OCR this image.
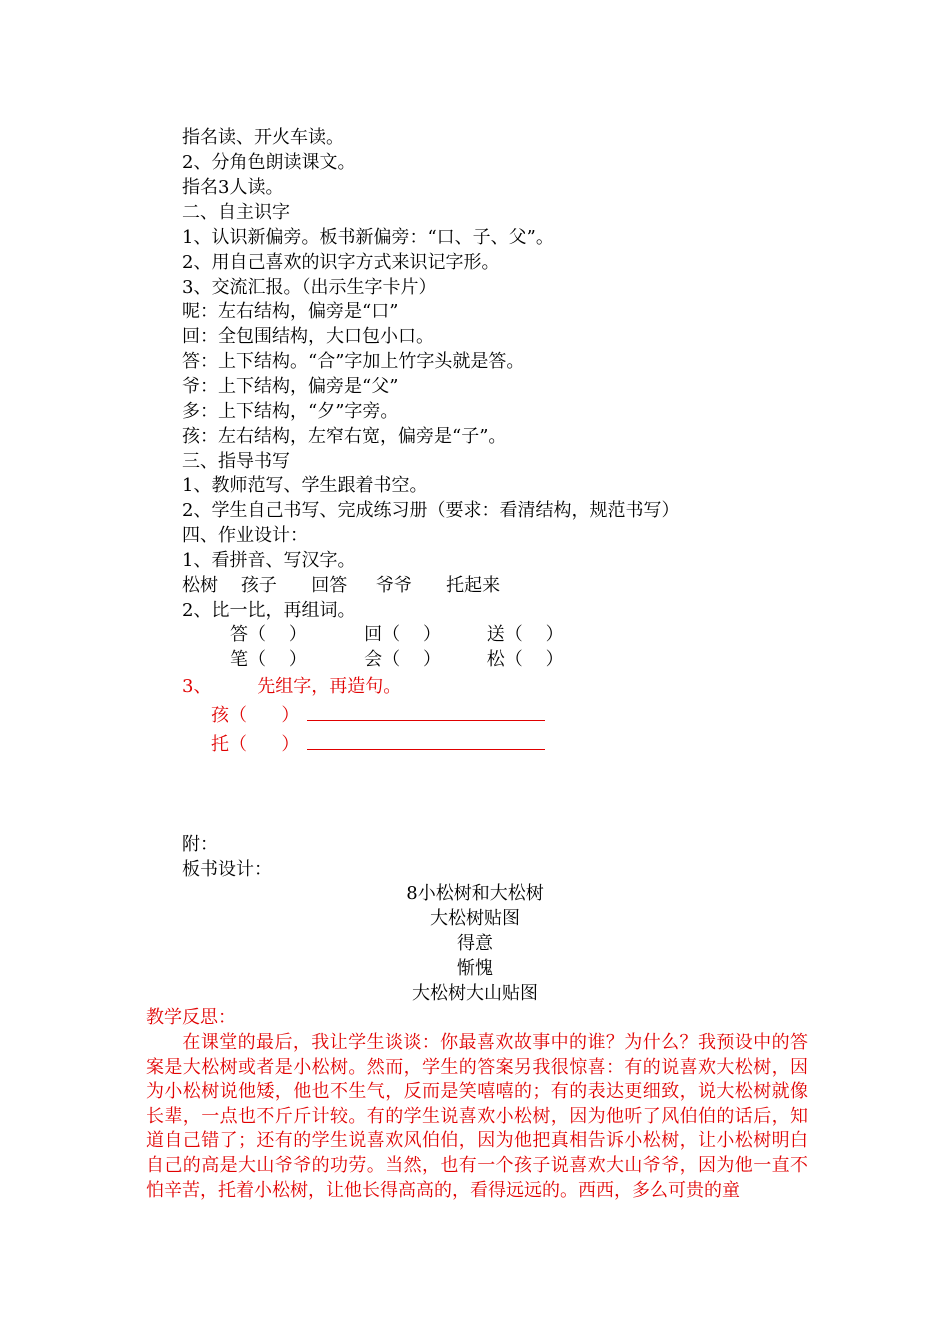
指名读、开火车读。
2、分角色朗读课文。
指名3人读。
二、自主识字
1、认识新偏旁。板书新偏旁：“口、子、父”。
2、用自己喜欢的识字方式来识记字形。
3、交流汇报。（出示生字卡片）
呢：左右结构，偏旁是“口”
回：全包围结构，大口包小口。
答：上下结构。“合”字加上竹字头就是答。
爷：上下结构，偏旁是“父”
多：上下结构，“夕”字旁。
孩：左右结构，左窄右宽，偏旁是“子”。
三、指导书写
1、教师范写、学生跟着书空。
2、学生自己书写、完成练习册（要求：看清结构，规范书写）
四、作业设计：
1、看拼音、写汉字。
松树    孩子      回答     爷爷      托起来
2、比一比，再组词。
答（    ）          回（    ）        送（    ）
笔（    ）          会（    ）        松（    ）
3、        先组字，再造句。
孩（      ）
托（      ）
附：
板书设计：
8小松树和大松树
大松树贴图
得意
惭愧
大松树大山贴图
教学反思：
在课堂的最后，我让学生谈谈：你最喜欢故事中的谁？为什么？我预设中的答案是大松树或者是小松树。然而，学生的答案另我很惊喜：有的说喜欢大松树，因为小松树说他矮，他也不生气，反而是笑嘻嘻的；有的表达更细致，说大松树就像长辈，一点也不斤斤计较。有的学生说喜欢小松树，因为他听了风伯伯的话后，知道自己错了；还有的学生说喜欢风伯伯，因为他把真相告诉小松树，让小松树明白自己的高是大山爷爷的功劳。当然，也有一个孩子说喜欢大山爷爷，因为他一直不怕辛苦，托着小松树，让他长得高高的，看得远远的。西西，多么可贵的童
